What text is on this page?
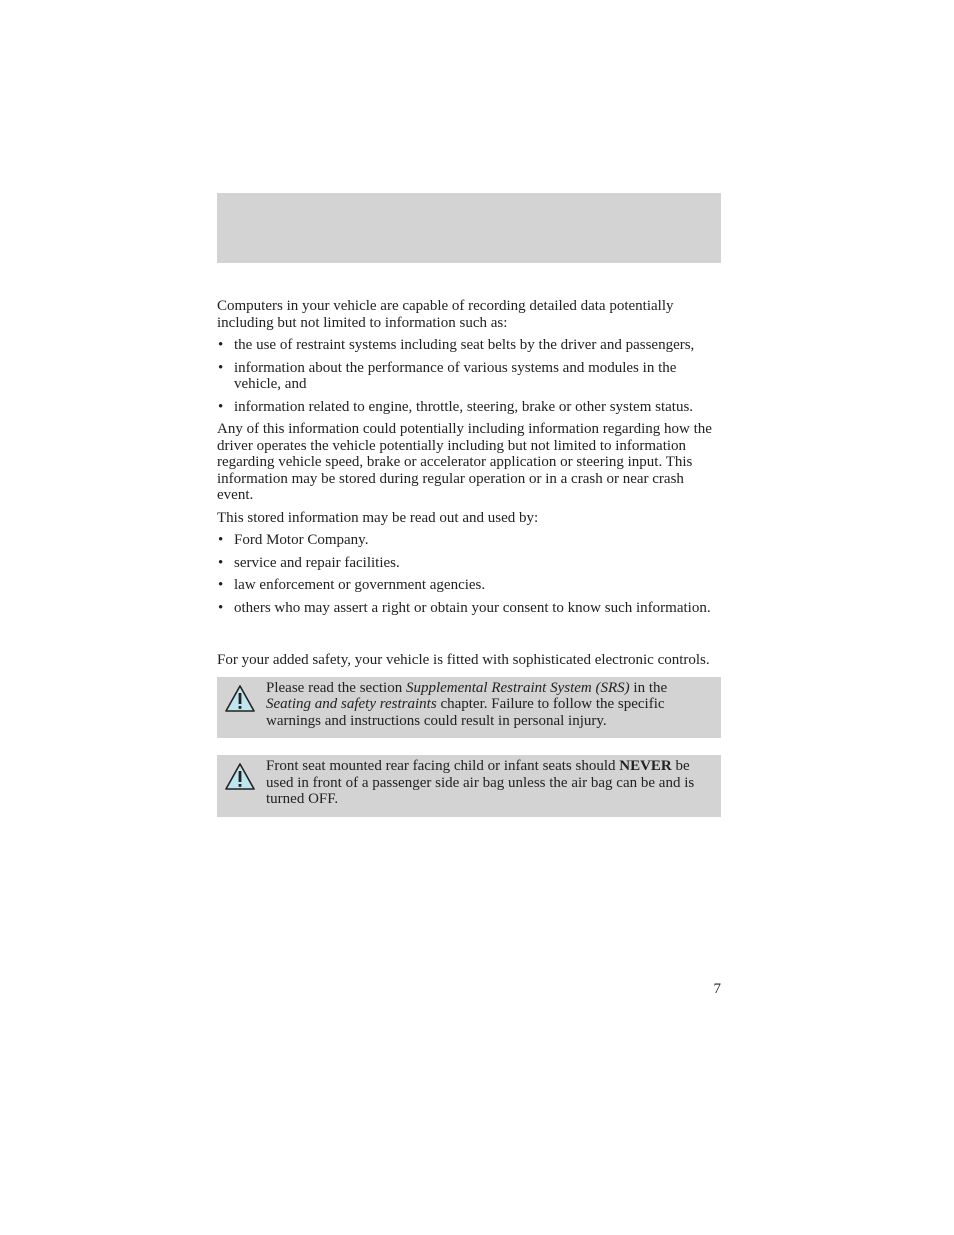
Computers in your vehicle are capable of recording detailed data potentially including but not limited to information such as:

• the use of restraint systems including seat belts by the driver and passengers,
• information about the performance of various systems and modules in the vehicle, and
• information related to engine, throttle, steering, brake or other system status.

Any of this information could potentially including information regarding how the driver operates the vehicle potentially including but not limited to information regarding vehicle speed, brake or accelerator application or steering input. This information may be stored during regular operation or in a crash or near crash event.

This stored information may be read out and used by:

• Ford Motor Company.
• service and repair facilities.
• law enforcement or government agencies.
• others who may assert a right or obtain your consent to know such information.

For your added safety, your vehicle is fitted with sophisticated electronic controls.

Please read the section Supplemental Restraint System (SRS) in the Seating and safety restraints chapter. Failure to follow the specific warnings and instructions could result in personal injury.
Front seat mounted rear facing child or infant seats should NEVER be used in front of a passenger side air bag unless the air bag can be and is turned OFF.
7
